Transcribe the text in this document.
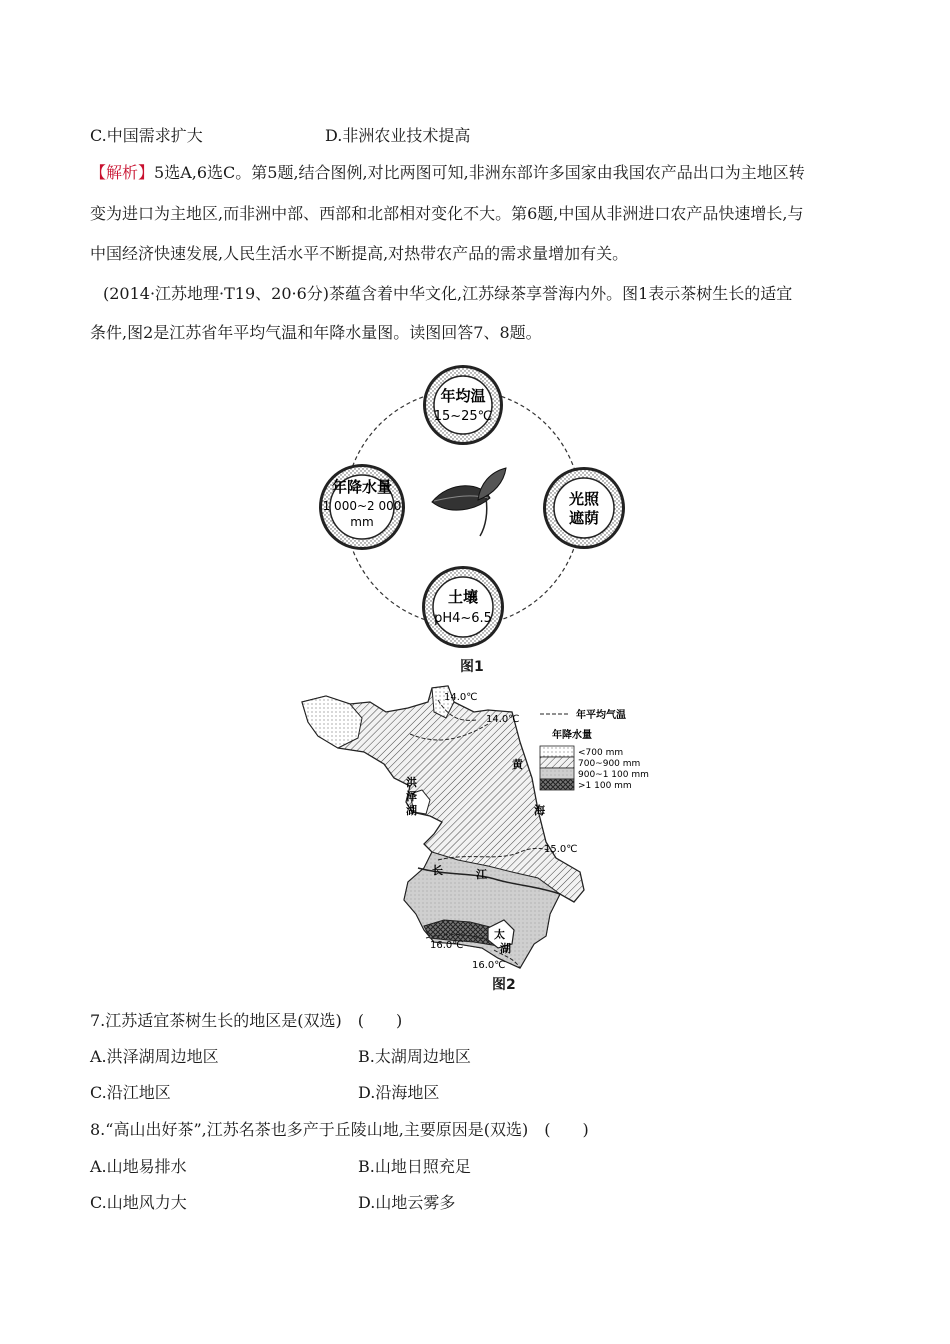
C.中国需求扩大	D.非洲农业技术提高
【解析】5选A,6选C。第5题,结合图例,对比两图可知,非洲东部许多国家由我国农产品出口为主地区转
变为进口为主地区,而非洲中部、西部和北部相对变化不大。第6题,中国从非洲进口农产品快速增长,与
中国经济快速发展,人民生活水平不断提高,对热带农产品的需求量增加有关。
(2014·江苏地理·T19、20·6分)茶蕴含着中华文化,江苏绿茶享誉海内外。图1表示茶树生长的适宜
条件,图2是江苏省年平均气温和年降水量图。读图回答7、8题。
年均温
15~25℃
年降水量
1 000~2 000
mm
光照
遮荫
土壤
pH4~6.5
图1
14.0℃
14.0℃
15.0℃
16.0℃
16.0℃
洪
泽
湖
黄
海
长	江
太
湖
年平均气温
年降水量
<700 mm
700~900 mm
900~1 100 mm
>1 100 mm
图2
7.江苏适宜茶树生长的地区是(双选)　(　　)
A.洪泽湖周边地区	B.太湖周边地区
C.沿江地区	D.沿海地区
8.“高山出好茶”,江苏名茶也多产于丘陵山地,主要原因是(双选)　(　　)
A.山地易排水	B.山地日照充足
C.山地风力大	D.山地云雾多
